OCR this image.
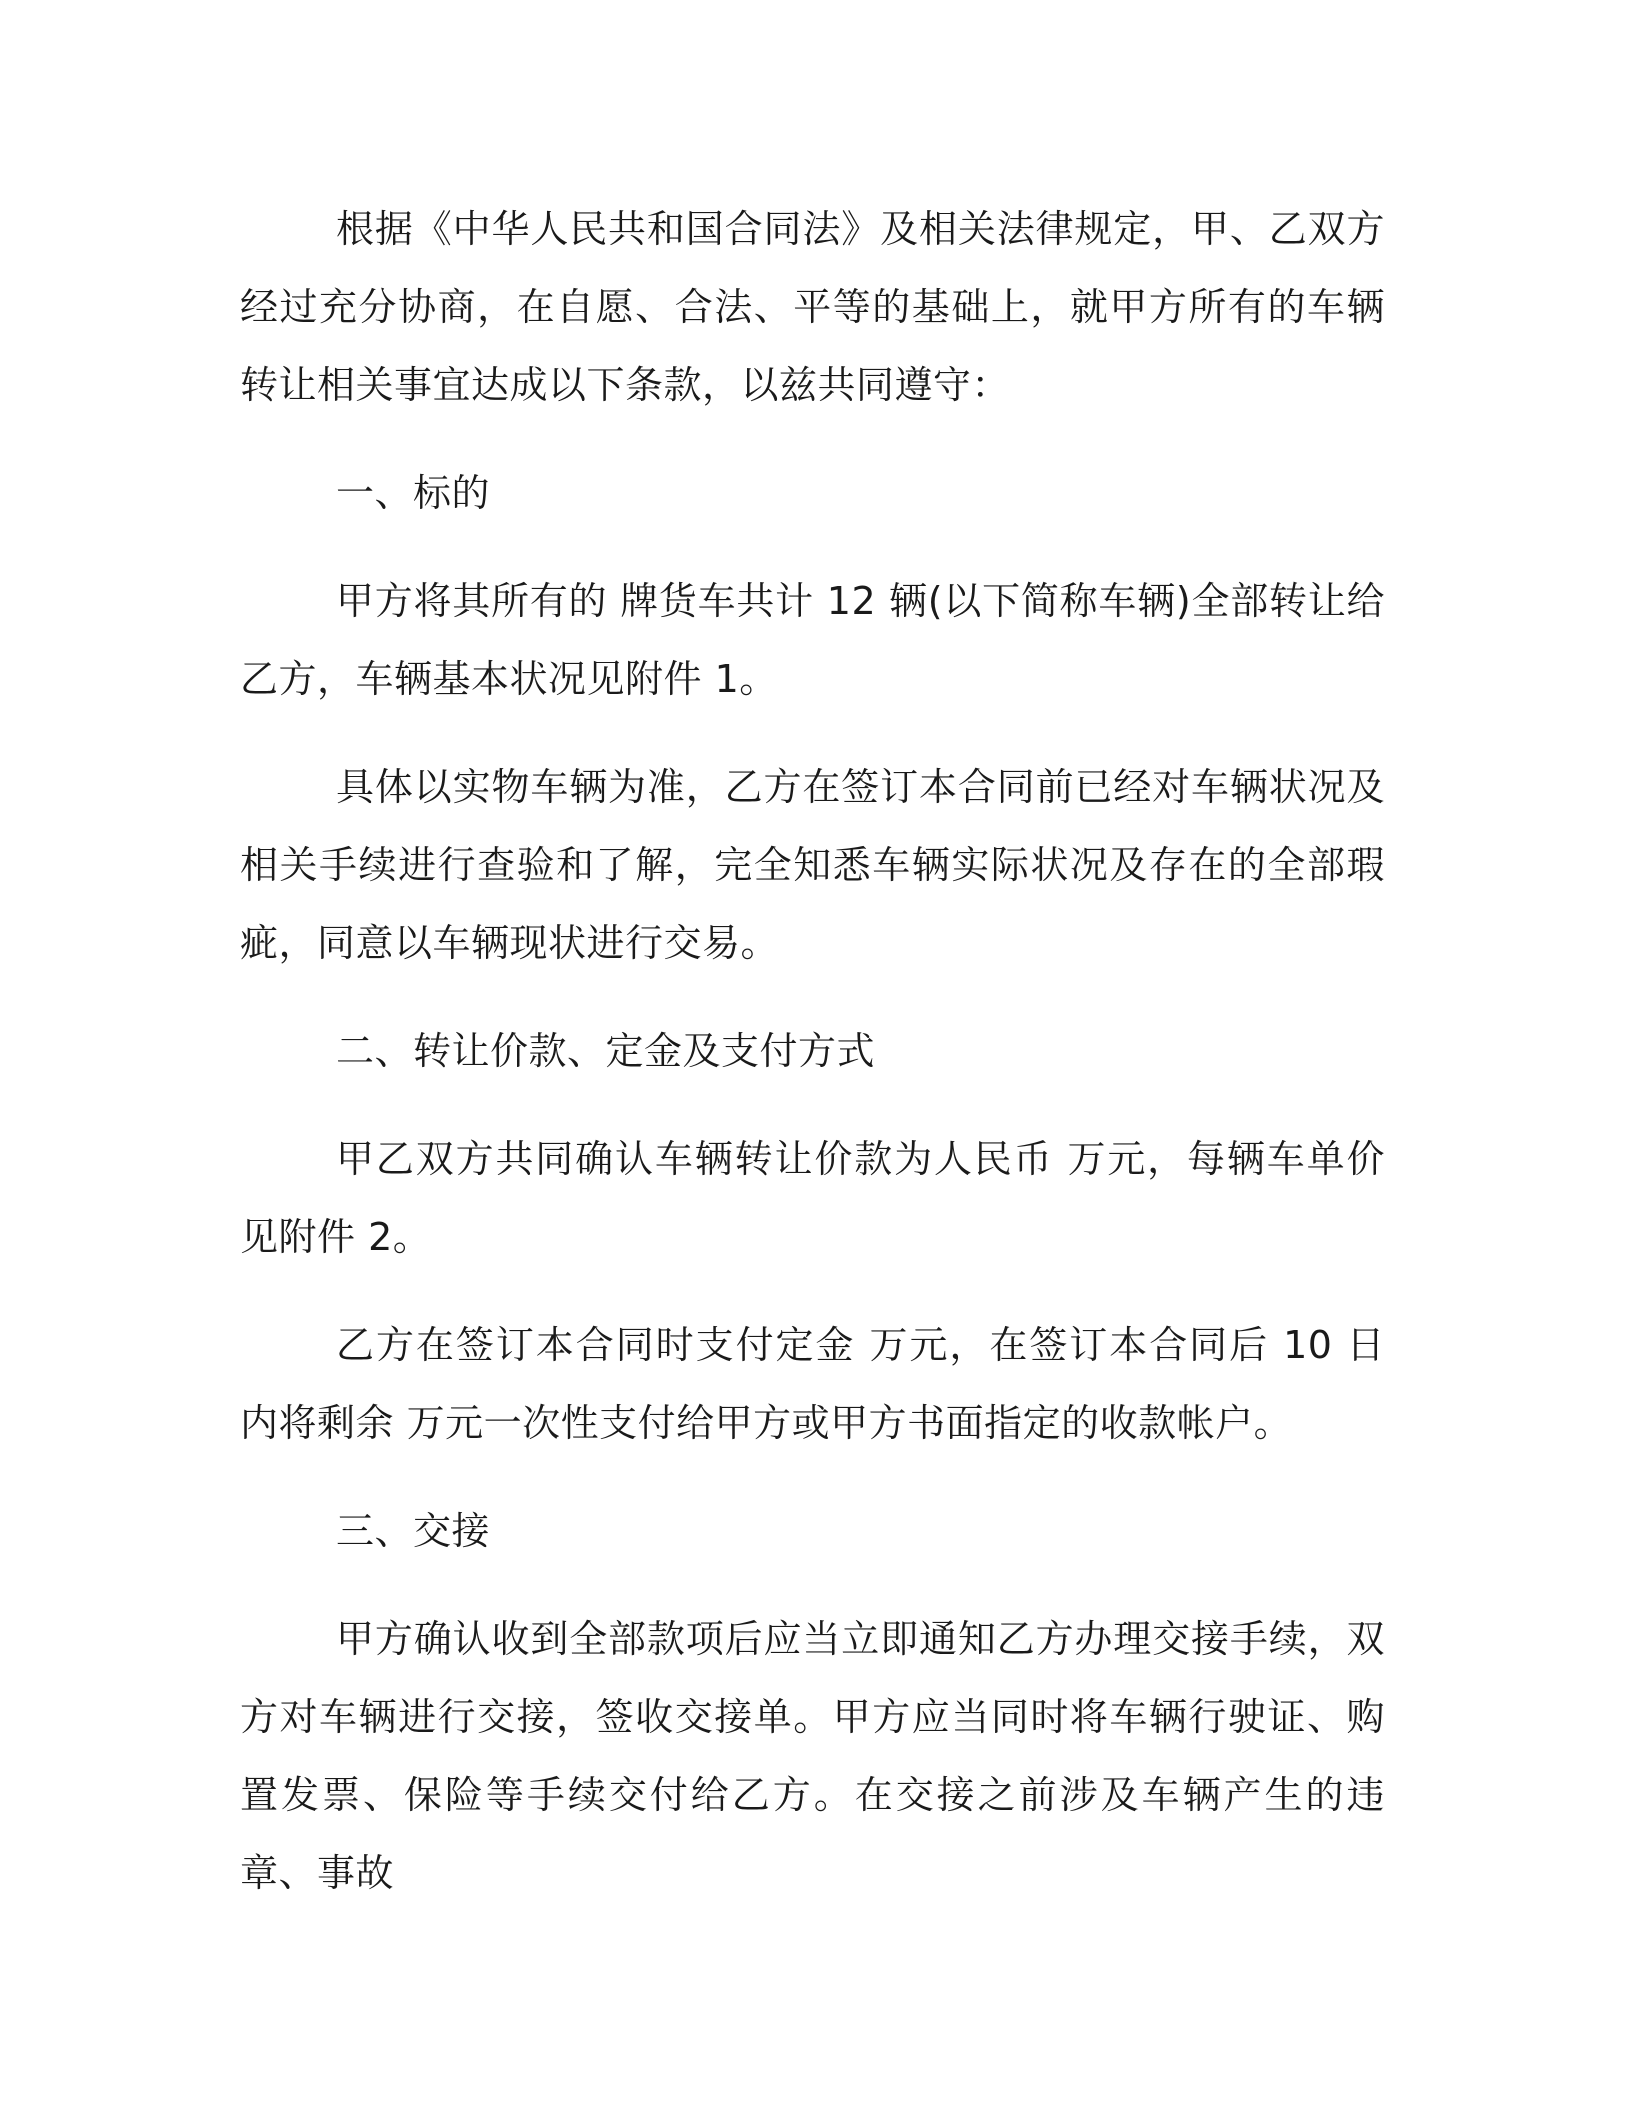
根据《中华人民共和国合同法》及相关法律规定，甲、乙双方经过充分协商，在自愿、合法、平等的基础上，就甲方所有的车辆转让相关事宜达成以下条款，以兹共同遵守：

一、标的

甲方将其所有的 牌货车共计 12 辆(以下简称车辆)全部转让给乙方，车辆基本状况见附件 1。

具体以实物车辆为准，乙方在签订本合同前已经对车辆状况及相关手续进行查验和了解，完全知悉车辆实际状况及存在的全部瑕疵，同意以车辆现状进行交易。

二、转让价款、定金及支付方式

甲乙双方共同确认车辆转让价款为人民币 万元，每辆车单价见附件 2。

乙方在签订本合同时支付定金 万元，在签订本合同后 10 日内将剩余 万元一次性支付给甲方或甲方书面指定的收款帐户。

三、交接

甲方确认收到全部款项后应当立即通知乙方办理交接手续，双方对车辆进行交接，签收交接单。甲方应当同时将车辆行驶证、购置发票、保险等手续交付给乙方。在交接之前涉及车辆产生的违章、事故
